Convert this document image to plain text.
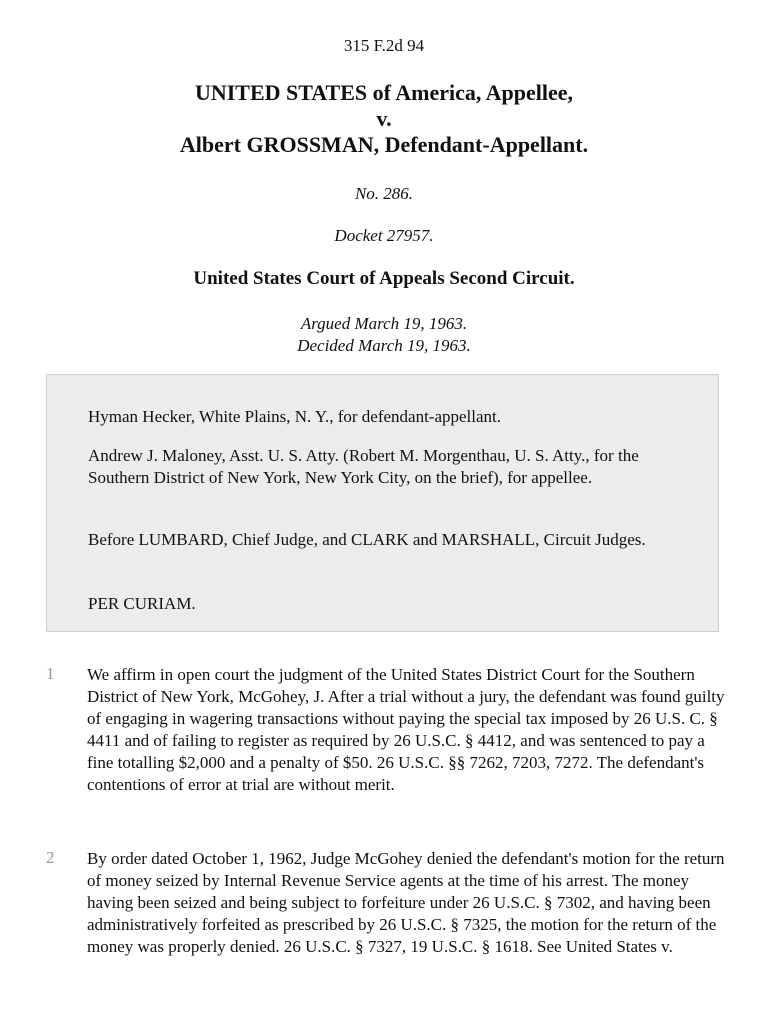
315 F.2d 94
UNITED STATES of America, Appellee,
v.
Albert GROSSMAN, Defendant-Appellant.
No. 286.
Docket 27957.
United States Court of Appeals Second Circuit.
Argued March 19, 1963.
Decided March 19, 1963.

Hyman Hecker, White Plains, N. Y., for defendant-appellant.

Andrew J. Maloney, Asst. U. S. Atty. (Robert M. Morgenthau, U. S. Atty., for the Southern District of New York, New York City, on the brief), for appellee.

Before LUMBARD, Chief Judge, and CLARK and MARSHALL, Circuit Judges.

PER CURIAM.

1 We affirm in open court the judgment of the United States District Court for the Southern District of New York, McGohey, J. After a trial without a jury, the defendant was found guilty of engaging in wagering transactions without paying the special tax imposed by 26 U.S. C. § 4411 and of failing to register as required by 26 U.S.C. § 4412, and was sentenced to pay a fine totalling $2,000 and a penalty of $50. 26 U.S.C. §§ 7262, 7203, 7272. The defendant's contentions of error at trial are without merit.

2 By order dated October 1, 1962, Judge McGohey denied the defendant's motion for the return of money seized by Internal Revenue Service agents at the time of his arrest. The money having been seized and being subject to forfeiture under 26 U.S.C. § 7302, and having been administratively forfeited as prescribed by 26 U.S.C. § 7325, the motion for the return of the money was properly denied. 26 U.S.C. § 7327, 19 U.S.C. § 1618. See United States v.
